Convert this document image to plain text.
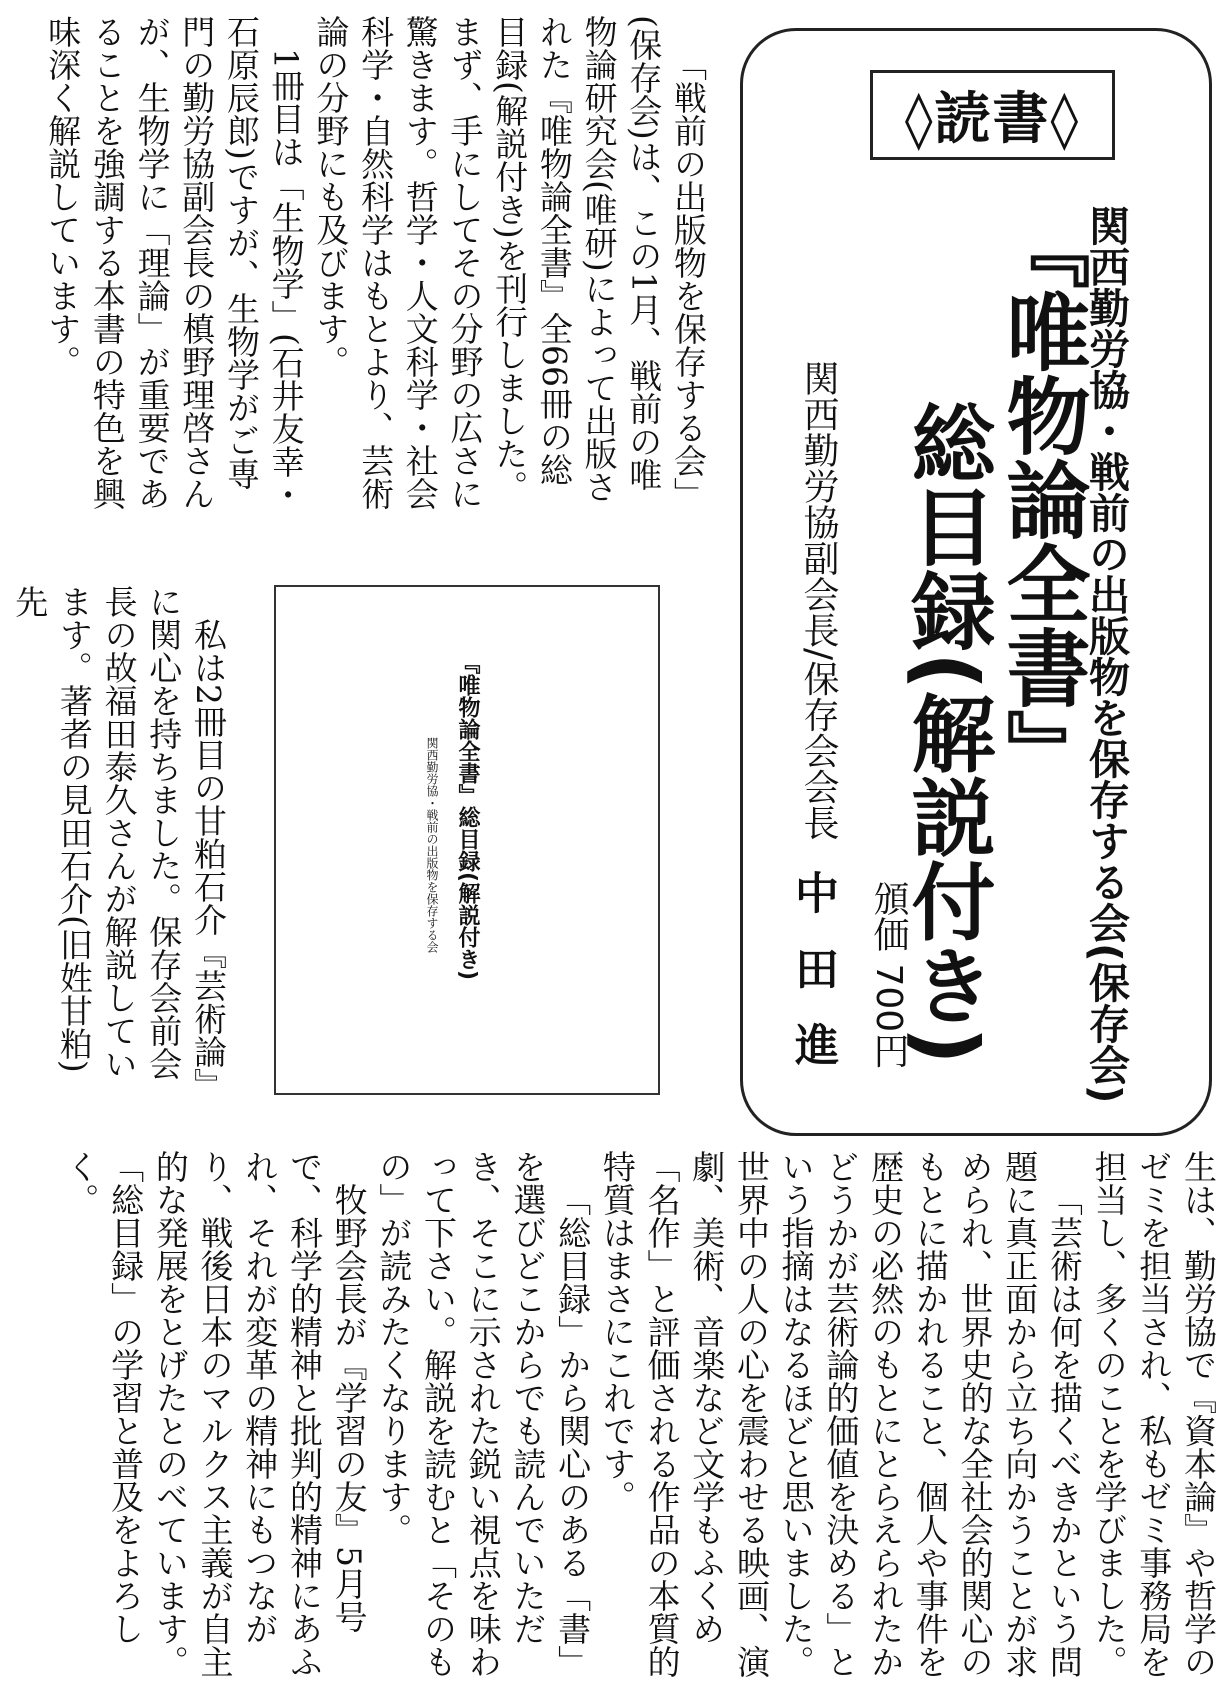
◊読書◊
関西勤労協・戦前の出版物を保存する会(保存会)
『唯物論全書』
総目録(解説付き)
頒価 700円
関西勤労協副会長/保存会会長
中田進

「戦前の出版物を保存する会」(保存会)は、この1月、戦前の唯物論研究会(唯研)によって出版された『唯物論全書』全66冊の総目録(解説付き)を刊行しました。まず、手にしてその分野の広さに驚きます。哲学・人文科学・社会科学・自然科学はもとより、芸術論の分野にも及びます。

1冊目は「生物学」(石井友幸・石原辰郎)ですが、生物学がご専門の勤労協副会長の槙野理啓さんが、生物学に「理論」が重要であることを強調する本書の特色を興味深く解説しています。

私は2冊目の甘粕石介『芸術論』に関心を持ちました。保存会前会長の故福田泰久さんが解説しています。著者の見田石介(旧姓甘粕)先

『唯物論全書』総目録(解説付き)
関西勤労協・戦前の出版物を保存する会

生は、勤労協で『資本論』や哲学のゼミを担当され、私もゼミ事務局を担当し、多くのことを学びました。

「芸術は何を描くべきかという問題に真正面から立ち向かうことが求められ、世界史的な全社会的関心のもとに描かれること、個人や事件を歴史の必然のもとにとらえられたかどうかが芸術論的価値を決める」という指摘はなるほどと思いました。世界中の人の心を震わせる映画、演劇、美術、音楽など文学もふくめ「名作」と評価される作品の本質的特質はまさにこれです。

「総目録」から関心のある「書」を選びどこからでも読んでいただき、そこに示された鋭い視点を味わって下さい。解説を読むと「そのもの」が読みたくなります。

牧野会長が『学習の友』5月号で、科学的精神と批判的精神にあふれ、それが変革の精神にもつながり、戦後日本のマルクス主義が自主的な発展をとげたとのべています。「総目録」の学習と普及をよろしく。
